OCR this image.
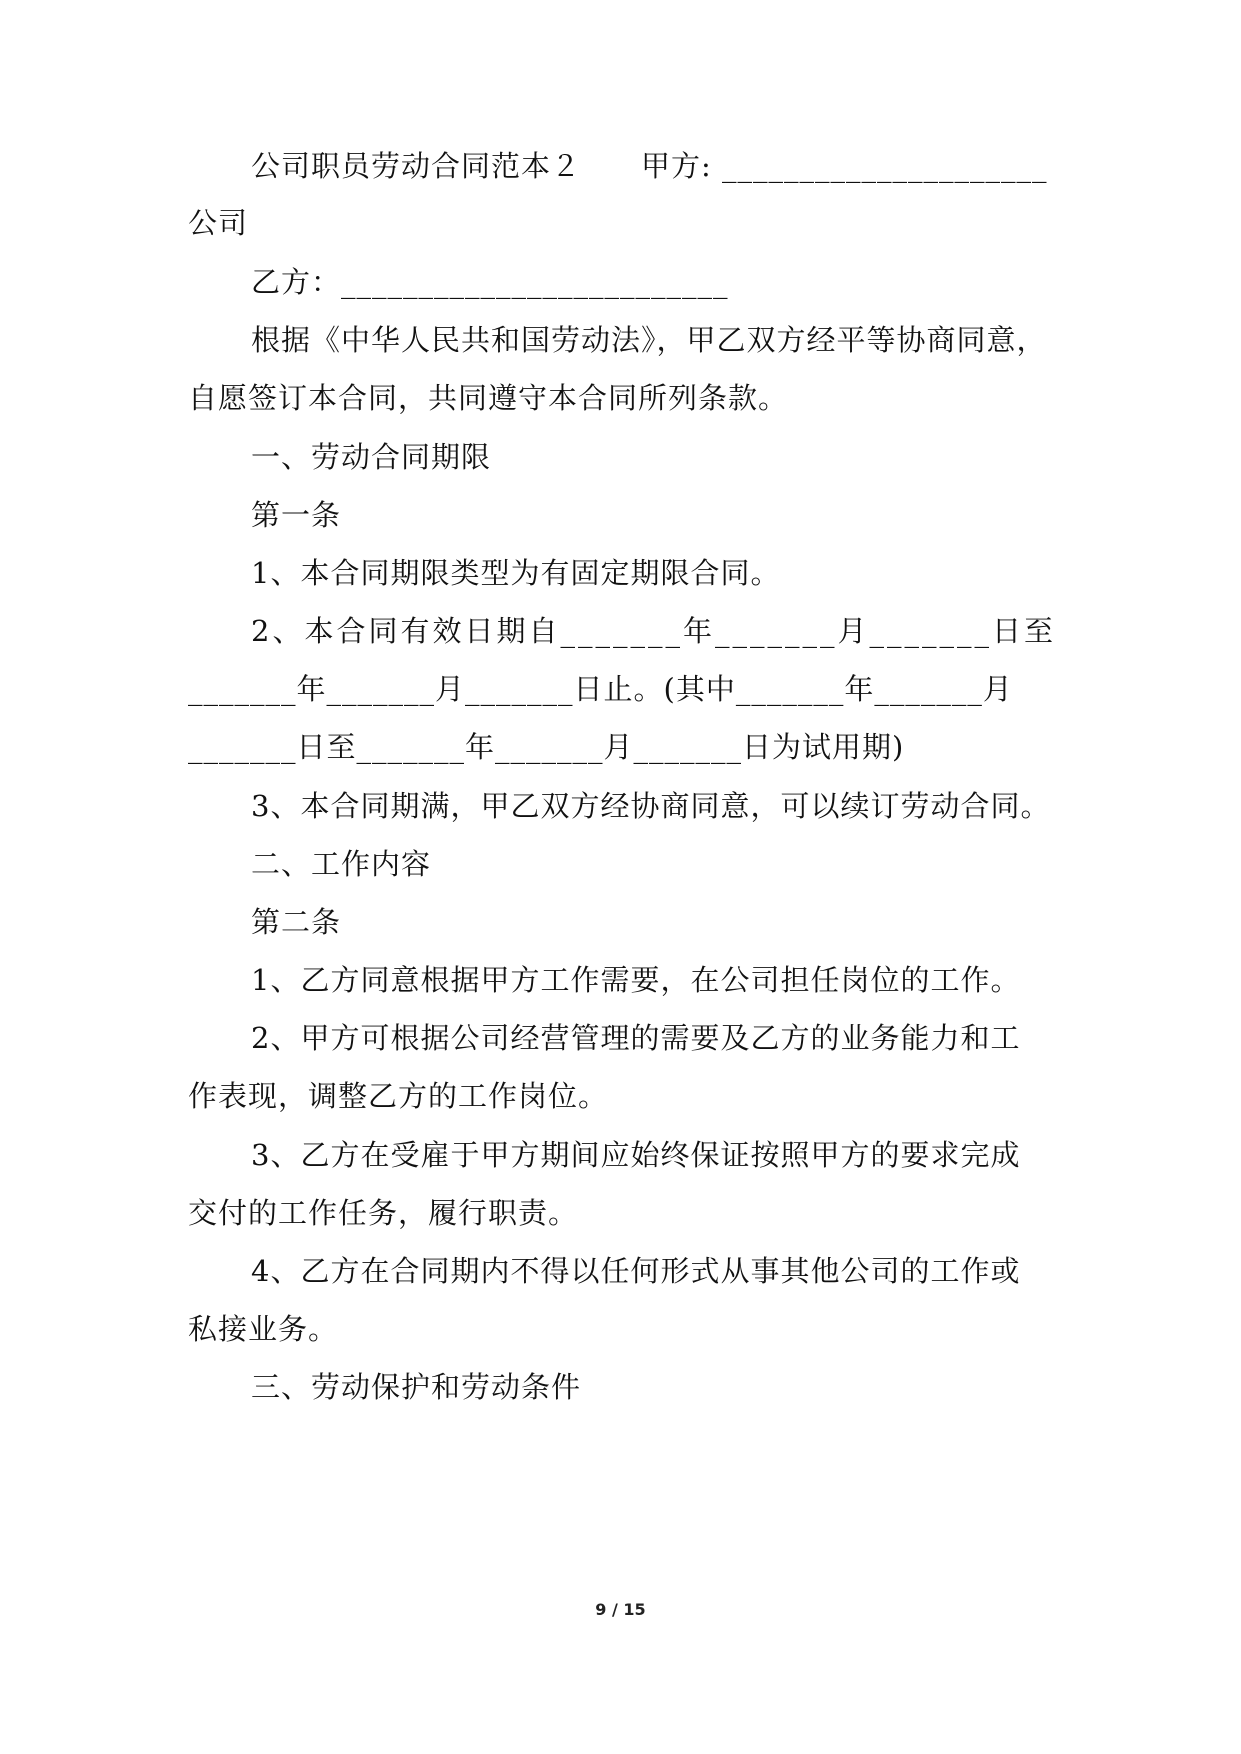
公司职员劳动合同范本２　　甲方: _____________________
公司
乙方：_________________________
根据《中华人民共和国劳动法》，甲乙双方经平等协商同意，
自愿签订本合同，共同遵守本合同所列条款。
一、劳动合同期限
第一条
1、本合同期限类型为有固定期限合同。
2、本合同有效日期自_______年_______月_______日至
_______年_______月_______日止。(其中_______年_______月
_______日至_______年_______月_______日为试用期)
3、本合同期满，甲乙双方经协商同意，可以续订劳动合同。
二、工作内容
第二条
1、乙方同意根据甲方工作需要，在公司担任岗位的工作。
2、甲方可根据公司经营管理的需要及乙方的业务能力和工
作表现，调整乙方的工作岗位。
3、乙方在受雇于甲方期间应始终保证按照甲方的要求完成
交付的工作任务，履行职责。
4、乙方在合同期内不得以任何形式从事其他公司的工作或
私接业务。
三、劳动保护和劳动条件
9 / 15
